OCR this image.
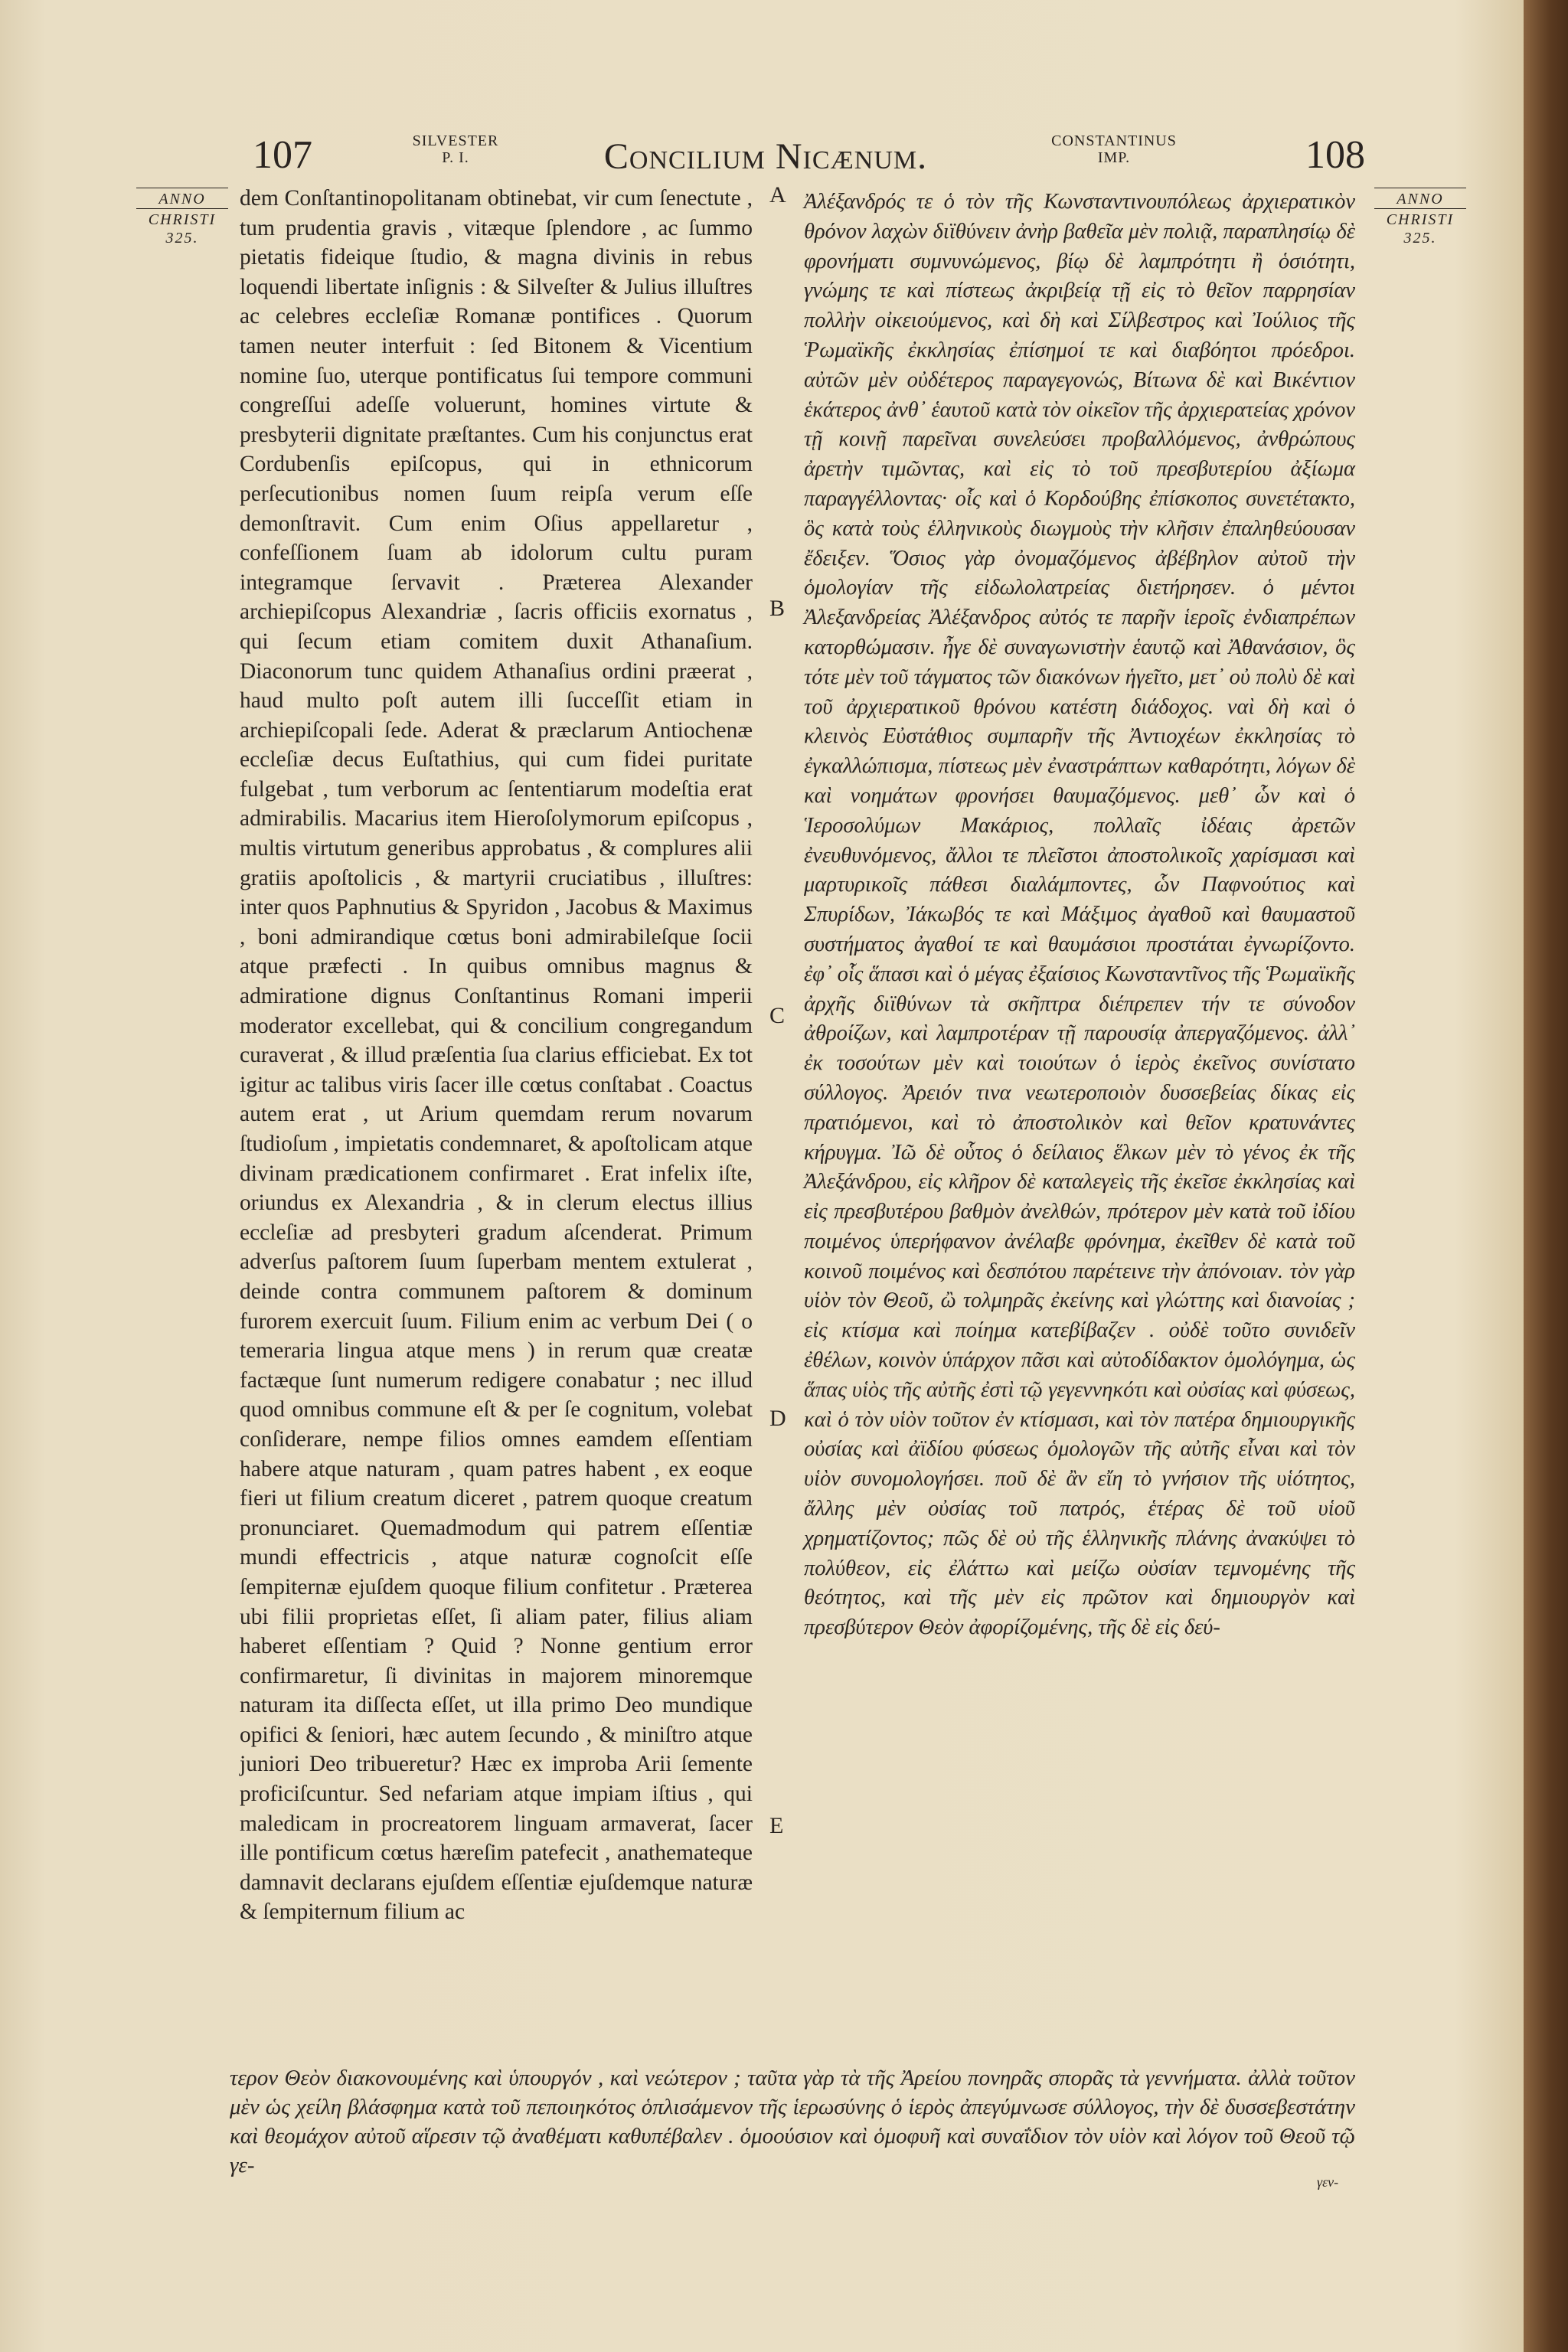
107	SILVESTER
P. I.	Concilium Nicænum.	CONSTANTINUS
IMP.	108
ANNO
CHRISTI
325.
ANNO
CHRISTI
325.
A
B
C
D
E

dem Conſtantinopolitanam obtinebat, vir cum ſenectute , tum prudentia gravis , vitæque ſplendore , ac ſummo pietatis fideique ſtudio, & magna divinis in rebus loquendi libertate inſignis : & Silveſter & Julius illuſtres ac celebres eccleſiæ Romanæ pontifices . Quorum tamen neuter interfuit : ſed Bitonem & Vicentium nomine ſuo, uterque pontificatus ſui tempore communi congreſſui adeſſe voluerunt, homines virtute & presbyterii dignitate præſtantes. Cum his conjunctus erat Cordubenſis epiſcopus, qui in ethnicorum perſecutionibus nomen ſuum reipſa verum eſſe demonſtravit. Cum enim Oſius appellaretur , confeſſionem ſuam ab idolorum cultu puram integramque ſervavit . Præterea Alexander archiepiſcopus Alexandriæ , ſacris officiis exornatus , qui ſecum etiam comitem duxit Athanaſium. Diaconorum tunc quidem Athanaſius ordini præerat , haud multo poſt autem illi ſucceſſit etiam in archiepiſcopali ſede. Aderat & præclarum Antiochenæ eccleſiæ decus Euſtathius, qui cum fidei puritate fulgebat , tum verborum ac ſententiarum modeſtia erat admirabilis. Macarius item Hieroſolymorum epiſcopus , multis virtutum generibus approbatus , & complures alii gratiis apoſtolicis , & martyrii cruciatibus , illuſtres: inter quos Paphnutius & Spyridon , Jacobus & Maximus , boni admirandique cœtus boni admirabileſque ſocii atque præfecti . In quibus omnibus magnus & admiratione dignus Conſtantinus Romani imperii moderator excellebat, qui & concilium congregandum curaverat , & illud præſentia ſua clarius efficiebat. Ex tot igitur ac talibus viris ſacer ille cœtus conſtabat . Coactus autem erat , ut Arium quemdam rerum novarum ſtudioſum , impietatis condemnaret, & apoſtolicam atque divinam prædicationem confirmaret . Erat infelix iſte, oriundus ex Alexandria , & in clerum electus illius eccleſiæ ad presbyteri gradum aſcenderat. Primum adverſus paſtorem ſuum ſuperbam mentem extulerat , deinde contra communem paſtorem & dominum furorem exercuit ſuum. Filium enim ac verbum Dei ( o temeraria lingua atque mens ) in rerum quæ creatæ factæque ſunt numerum redigere conabatur ; nec illud quod omnibus commune eſt & per ſe cognitum, volebat conſiderare, nempe filios omnes eamdem eſſentiam habere atque naturam , quam patres habent , ex eoque fieri ut filium creatum diceret , patrem quoque creatum pronunciaret. Quemadmodum qui patrem eſſentiæ mundi effectricis , atque naturæ cognoſcit eſſe ſempiternæ ejuſdem quoque filium confitetur . Præterea ubi filii proprietas eſſet, ſi aliam pater, filius aliam haberet eſſentiam ? Quid ? Nonne gentium error confirmaretur, ſi divinitas in majorem minoremque naturam ita diſſecta eſſet, ut illa primo Deo mundique opifici & ſeniori, hæc autem ſecundo , & miniſtro atque juniori Deo tribueretur? Hæc ex improba Arii ſemente proficiſcuntur. Sed nefariam atque impiam iſtius , qui maledicam in procreatorem linguam armaverat, ſacer ille pontificum cœtus hæreſim patefecit , anathemateque damnavit declarans ejuſdem eſſentiæ ejuſdemque naturæ & ſempiternum filium ac

Ἀλέξανδρός τε ὁ τὸν τῆς Κωνσταντινουπόλεως ἀρχιερατικὸν θρόνον λαχὼν διϊθύνειν ἀνὴρ βαθεῖα μὲν πολιᾷ, παραπλησίῳ δὲ φρονήματι συμνυνώμενος, βίῳ δὲ λαμπρότητι ἢ ὁσιότητι, γνώμης τε καὶ πίστεως ἀκριβείᾳ τῇ εἰς τὸ θεῖον παρρησίαν πολλὴν οἰκειούμενος, καὶ δὴ καὶ Σίλβεστρος καὶ Ἰούλιος τῆς Ῥωμαϊκῆς ἐκκλησίας ἐπίσημοί τε καὶ διαβόητοι πρόεδροι. αὐτῶν μὲν οὐδέτερος παραγεγονώς, Βίτωνα δὲ καὶ Βικέντιον ἑκάτερος ἀνθ᾽ ἑαυτοῦ κατὰ τὸν οἰκεῖον τῆς ἀρχιερατείας χρόνον τῇ κοινῇ παρεῖναι συνελεύσει προβαλλόμενος, ἀνθρώπους ἀρετὴν τιμῶντας, καὶ εἰς τὸ τοῦ πρεσβυτερίου ἀξίωμα παραγγέλλοντας· οἷς καὶ ὁ Κορδούβης ἐπίσκοπος συνετέτακτο, ὃς κατὰ τοὺς ἑλληνικοὺς διωγμοὺς τὴν κλῆσιν ἐπαληθεύουσαν ἔδειξεν. Ὅσιος γὰρ ὀνομαζόμενος ἀβέβηλον αὐτοῦ τὴν ὁμολογίαν τῆς εἰδωλολατρείας διετήρησεν. ὁ μέντοι Ἀλεξανδρείας Ἀλέξανδρος αὐτός τε παρῆν ἱεροῖς ἐνδιαπρέπων κατορθώμασιν. ἦγε δὲ συναγωνιστὴν ἑαυτῷ καὶ Ἀθανάσιον, ὃς τότε μὲν τοῦ τάγματος τῶν διακόνων ἡγεῖτο, μετ᾽ οὐ πολὺ δὲ καὶ τοῦ ἀρχιερατικοῦ θρόνου κατέστη διάδοχος. ναὶ δὴ καὶ ὁ κλεινὸς Εὐστάθιος συμπαρῆν τῆς Ἀντιοχέων ἐκκλησίας τὸ ἐγκαλλώπισμα, πίστεως μὲν ἐναστράπτων καθαρότητι, λόγων δὲ καὶ νοημάτων φρονήσει θαυμαζόμενος. μεθ᾽ ὧν καὶ ὁ Ἱεροσολύμων Μακάριος, πολλαῖς ἰδέαις ἀρετῶν ἐνευθυνόμενος, ἄλλοι τε πλεῖστοι ἀποστολικοῖς χαρίσμασι καὶ μαρτυρικοῖς πάθεσι διαλάμποντες, ὧν Παφνούτιος καὶ Σπυρίδων, Ἰάκωβός τε καὶ Μάξιμος ἀγαθοῦ καὶ θαυμαστοῦ συστήματος ἀγαθοί τε καὶ θαυμάσιοι προστάται ἐγνωρίζοντο. ἐφ᾽ οἷς ἅπασι καὶ ὁ μέγας ἐξαίσιος Κωνσταντῖνος τῆς Ῥωμαϊκῆς ἀρχῆς διϊθύνων τὰ σκῆπτρα διέπρεπεν τήν τε σύνοδον ἀθροίζων, καὶ λαμπροτέραν τῇ παρουσίᾳ ἀπεργαζόμενος. ἀλλ᾽ ἐκ τοσούτων μὲν καὶ τοιούτων ὁ ἱερὸς ἐκεῖνος συνίστατο σύλλογος. Ἀρειόν τινα νεωτεροποιὸν δυσσεβείας δίκας εἰς πρατιόμενοι, καὶ τὸ ἀποστολικὸν καὶ θεῖον κρατυνάντες κήρυγμα. Ἰῶ δὲ οὗτος ὁ δείλαιος ἕλκων μὲν τὸ γένος ἐκ τῆς Ἀλεξάνδρου, εἰς κλῆρον δὲ καταλεγεὶς τῆς ἐκεῖσε ἐκκλησίας καὶ εἰς πρεσβυτέρου βαθμὸν ἀνελθών, πρότερον μὲν κατὰ τοῦ ἰδίου ποιμένος ὑπερήφανον ἀνέλαβε φρόνημα, ἐκεῖθεν δὲ κατὰ τοῦ κοινοῦ ποιμένος καὶ δεσπότου παρέτεινε τὴν ἀπόνοιαν. τὸν γὰρ υἱὸν τὸν Θεοῦ, ὢ τολμηρᾶς ἐκείνης καὶ γλώττης καὶ διανοίας ; εἰς κτίσμα καὶ ποίημα κατεβίβαζεν . οὐδὲ τοῦτο συνιδεῖν ἐθέλων, κοινὸν ὑπάρχον πᾶσι καὶ αὐτοδίδακτον ὁμολόγημα, ὡς ἅπας υἱὸς τῆς αὐτῆς ἐστὶ τῷ γεγεννηκότι καὶ οὐσίας καὶ φύσεως, καὶ ὁ τὸν υἱὸν τοῦτον ἐν κτίσμασι, καὶ τὸν πατέρα δημιουργικῆς οὐσίας καὶ ἀϊδίου φύσεως ὁμολογῶν τῆς αὐτῆς εἶναι καὶ τὸν υἱὸν συνομολογήσει. ποῦ δὲ ἂν εἴη τὸ γνήσιον τῆς υἱότητος, ἄλλης μὲν οὐσίας τοῦ πατρός, ἑτέρας δὲ τοῦ υἱοῦ χρηματίζοντος; πῶς δὲ οὐ τῆς ἑλληνικῆς πλάνης ἀνακύψει τὸ πολύθεον, εἰς ἐλάττω καὶ μείζω οὐσίαν τεμνομένης τῆς θεότητος, καὶ τῆς μὲν εἰς πρῶτον καὶ δημιουργὸν καὶ πρεσβύτερον Θεὸν ἀφορίζομένης, τῆς δὲ εἰς δεύ-

τερον Θεὸν διακονουμένης καὶ ὑπουργόν , καὶ νεώτερον ; ταῦτα γὰρ τὰ τῆς Ἀρείου πονηρᾶς σπορᾶς τὰ γεννήματα. ἀλλὰ τοῦτον μὲν ὡς χείλη βλάσφημα κατὰ τοῦ πεποιηκότος ὁπλισάμενον τῆς ἱερωσύνης ὁ ἱερὸς ἀπεγύμνωσε σύλλογος, τὴν δὲ δυσσεβεστάτην καὶ θεομάχον αὐτοῦ αἵρεσιν τῷ ἀναθέματι καθυπέβαλεν . ὁμοούσιον καὶ ὁμοφυῆ καὶ συναΐδιον τὸν υἱὸν καὶ λόγον τοῦ Θεοῦ τῷ γε-

γεν-
